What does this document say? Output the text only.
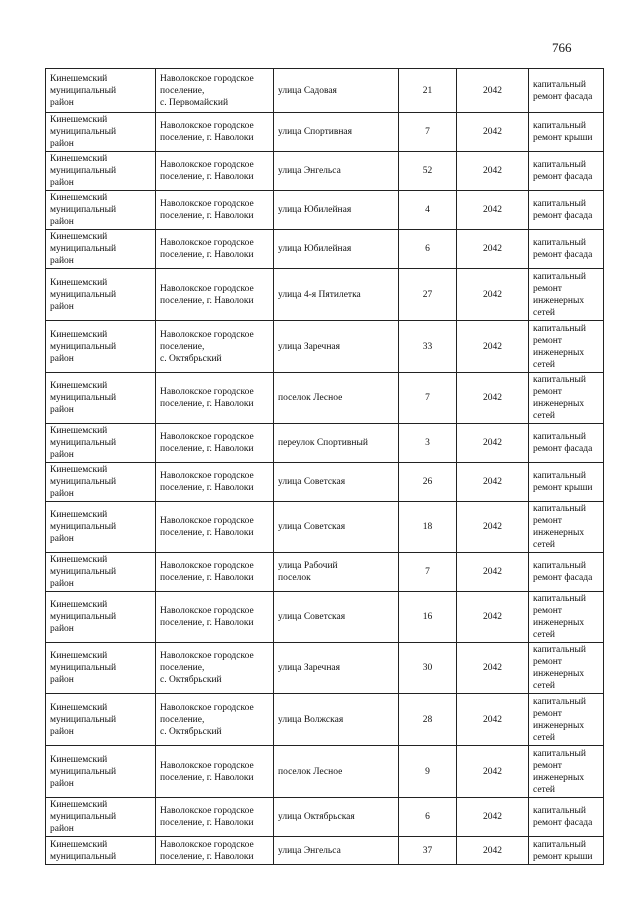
766
Кинешемский
муниципальный
район	Наволокское городское
поселение,
с. Первомайский	улица Садовая	21	2042	капитальный
ремонт фасада
Кинешемский
муниципальный
район	Наволокское городское
поселение, г. Наволоки	улица Спортивная	7	2042	капитальный
ремонт крыши
Кинешемский
муниципальный
район	Наволокское городское
поселение, г. Наволоки	улица Энгельса	52	2042	капитальный
ремонт фасада
Кинешемский
муниципальный
район	Наволокское городское
поселение, г. Наволоки	улица Юбилейная	4	2042	капитальный
ремонт фасада
Кинешемский
муниципальный
район	Наволокское городское
поселение, г. Наволоки	улица Юбилейная	6	2042	капитальный
ремонт фасада
Кинешемский
муниципальный
район	Наволокское городское
поселение, г. Наволоки	улица 4-я Пятилетка	27	2042	капитальный
ремонт
инженерных
сетей
Кинешемский
муниципальный
район	Наволокское городское
поселение,
с. Октябрьский	улица Заречная	33	2042	капитальный
ремонт
инженерных
сетей
Кинешемский
муниципальный
район	Наволокское городское
поселение, г. Наволоки	поселок Лесное	7	2042	капитальный
ремонт
инженерных
сетей
Кинешемский
муниципальный
район	Наволокское городское
поселение, г. Наволоки	переулок Спортивный	3	2042	капитальный
ремонт фасада
Кинешемский
муниципальный
район	Наволокское городское
поселение, г. Наволоки	улица Советская	26	2042	капитальный
ремонт крыши
Кинешемский
муниципальный
район	Наволокское городское
поселение, г. Наволоки	улица Советская	18	2042	капитальный
ремонт
инженерных
сетей
Кинешемский
муниципальный
район	Наволокское городское
поселение, г. Наволоки	улица Рабочий
поселок	7	2042	капитальный
ремонт фасада
Кинешемский
муниципальный
район	Наволокское городское
поселение, г. Наволоки	улица Советская	16	2042	капитальный
ремонт
инженерных
сетей
Кинешемский
муниципальный
район	Наволокское городское
поселение,
с. Октябрьский	улица Заречная	30	2042	капитальный
ремонт
инженерных
сетей
Кинешемский
муниципальный
район	Наволокское городское
поселение,
с. Октябрьский	улица Волжская	28	2042	капитальный
ремонт
инженерных
сетей
Кинешемский
муниципальный
район	Наволокское городское
поселение, г. Наволоки	поселок Лесное	9	2042	капитальный
ремонт
инженерных
сетей
Кинешемский
муниципальный
район	Наволокское городское
поселение, г. Наволоки	улица Октябрьская	6	2042	капитальный
ремонт фасада
Кинешемский
муниципальный	Наволокское городское
поселение, г. Наволоки	улица Энгельса	37	2042	капитальный
ремонт крыши
